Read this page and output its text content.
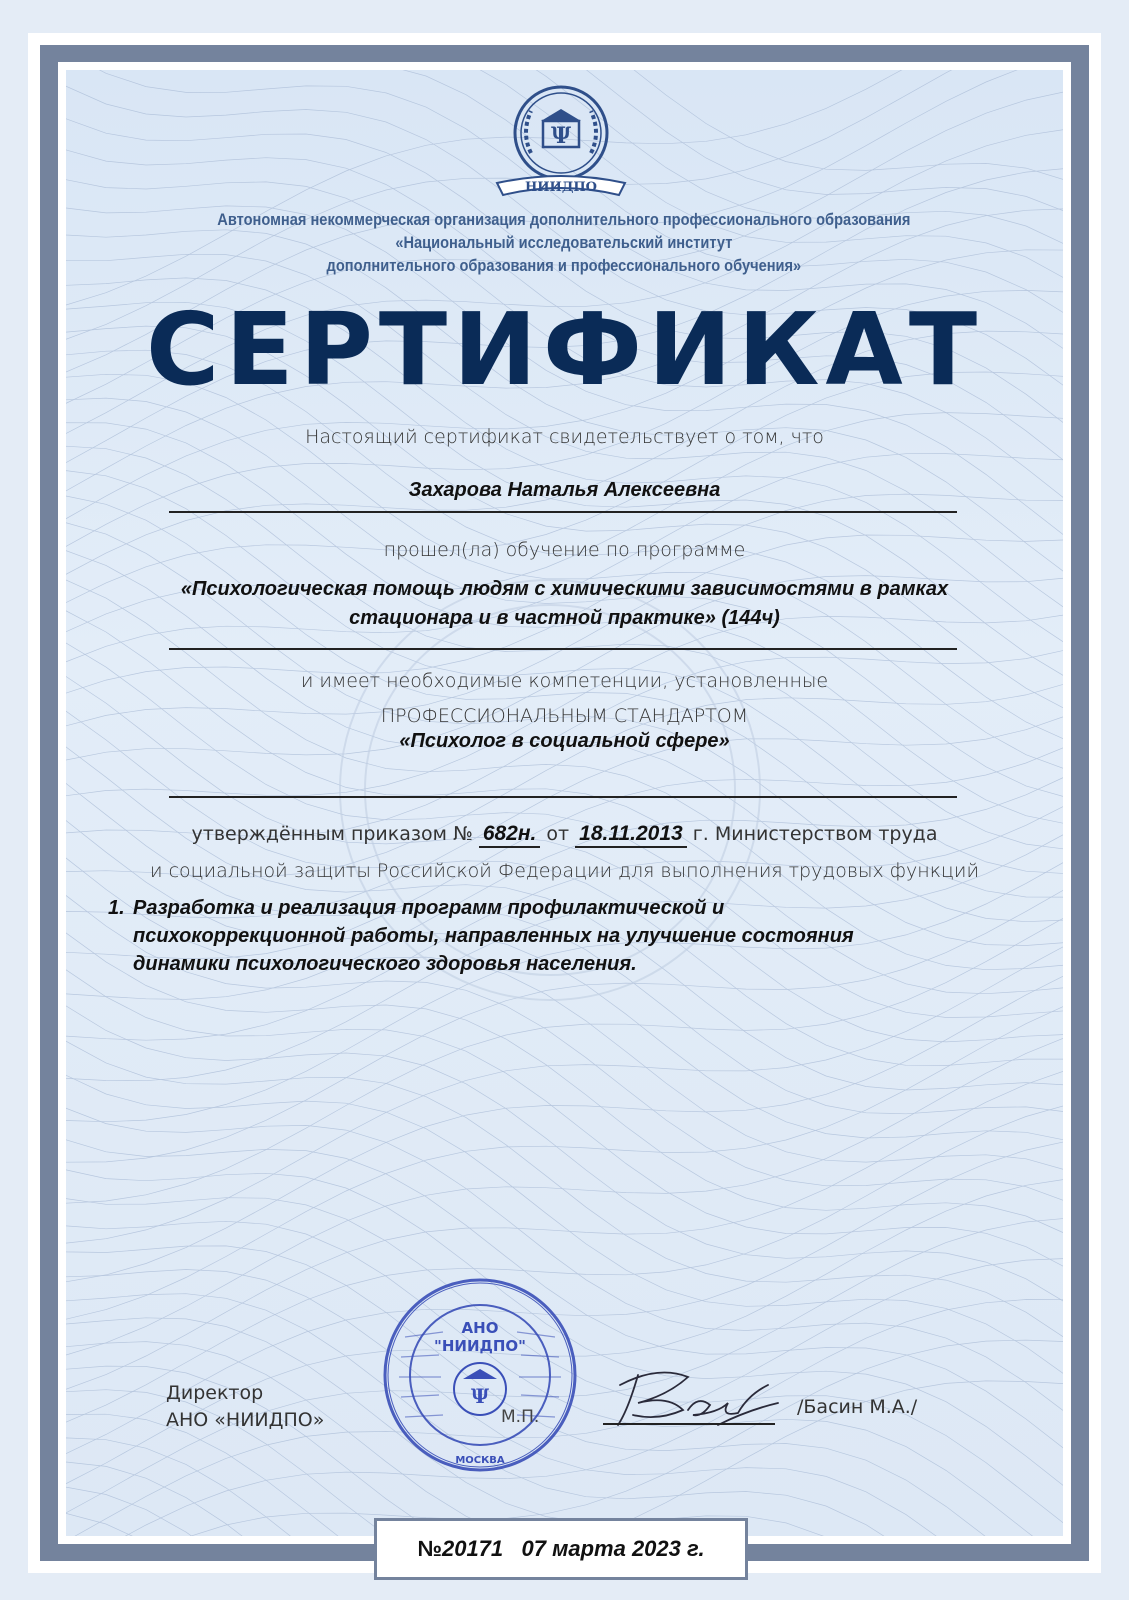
Ψ
НИИДПО
Автономная некоммерческая организация дополнительного профессионального образования
«Национальный исследовательский институт
дополнительного образования и профессионального обучения»
СЕРТИФИКАТ
Настоящий сертификат свидетельствует о том, что
Захарова Наталья Алексеевна
прошел(ла) обучение по программе
«Психологическая помощь людям с химическими зависимостями в рамках
стационара и в частной практике» (144ч)
и имеет необходимые компетенции, установленные
ПРОФЕССИОНАЛЬНЫМ СТАНДАРТОМ
«Психолог в социальной сфере»
утверждённым приказом № 682н. от 18.11.2013 г. Министерством труда
и социальной защиты Российской Федерации для выполнения трудовых функций
1. Разработка и реализация программ профилактической и
психокоррекционной работы, направленных на улучшение состояния
динамики психологического здоровья населения.
АНО
"НИИДПО"
Ψ
МОСКВА
Директор
АНО «НИИДПО»	М.П.	/Басин М.А./
№20171 07 марта 2023 г.
